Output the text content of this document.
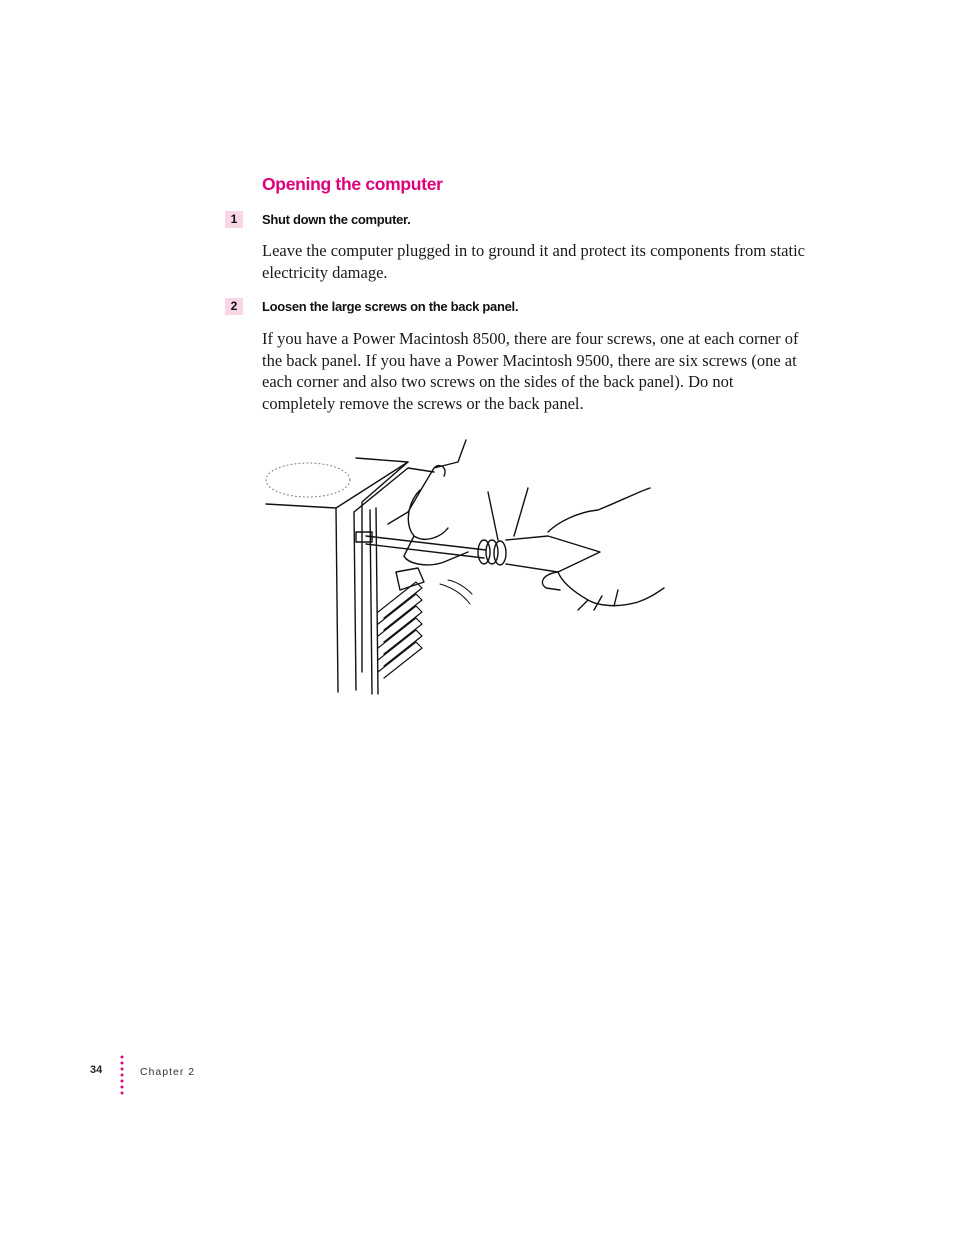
Opening the computer
1	Shut down the computer.

Leave the computer plugged in to ground it and protect its components from static electricity damage.

2	Loosen the large screws on the back panel.

If you have a Power Macintosh 8500, there are four screws, one at each corner of the back panel. If you have a Power Macintosh 9500, there are six screws (one at each corner and also two screws on the sides of the back panel). Do not completely remove the screws or the back panel.

34	Chapter 2
